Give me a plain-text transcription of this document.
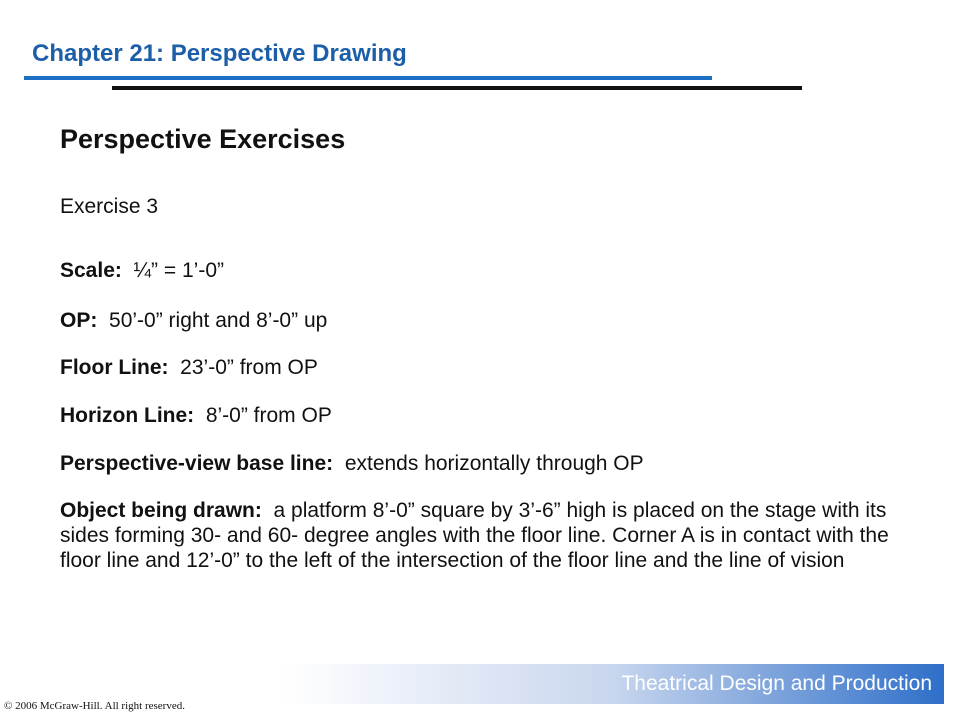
Chapter 21: Perspective Drawing
Perspective Exercises
Exercise 3
Scale: ¼” = 1’-0”
OP: 50’-0” right and 8’-0” up
Floor Line: 23’-0” from OP
Horizon Line: 8’-0” from OP
Perspective-view base line: extends horizontally through OP
Object being drawn: a platform 8’-0” square by 3’-6” high is placed on the stage with its sides forming 30- and 60- degree angles with the floor line. Corner A is in contact with the floor line and 12’-0” to the left of the intersection of the floor line and the line of vision
Theatrical Design and Production
© 2006 McGraw-Hill. All right reserved.
